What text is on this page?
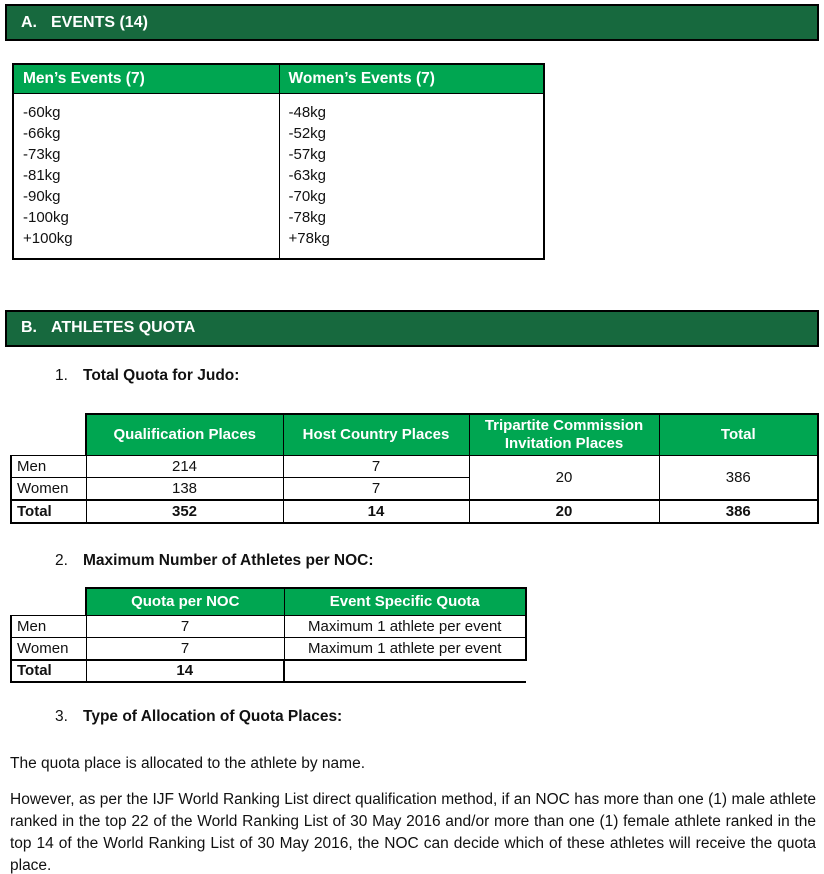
A. EVENTS (14)
Men’s Events (7)	Women’s Events (7)

-60kg
-66kg
-73kg
-81kg
-90kg
-100kg
+100kg

-48kg
-52kg
-57kg
-63kg
-70kg
-78kg
+78kg
B. ATHLETES QUOTA
1. Total Quota for Judo:
	Qualification Places	Host Country Places	Tripartite Commission Invitation Places	Total
Men	214	7	20	386
Women	138	7		
Total	352	14	20	386
2. Maximum Number of Athletes per NOC:
	Quota per NOC	Event Specific Quota
Men	7	Maximum 1 athlete per event
Women	7	Maximum 1 athlete per event
Total	14	
3. Type of Allocation of Quota Places:

The quota place is allocated to the athlete by name.

However, as per the IJF World Ranking List direct qualification method, if an NOC has more than one (1) male athlete ranked in the top 22 of the World Ranking List of 30 May 2016 and/or more than one (1) female athlete ranked in the top 14 of the World Ranking List of 30 May 2016, the NOC can decide which of these athletes will receive the quota place.
